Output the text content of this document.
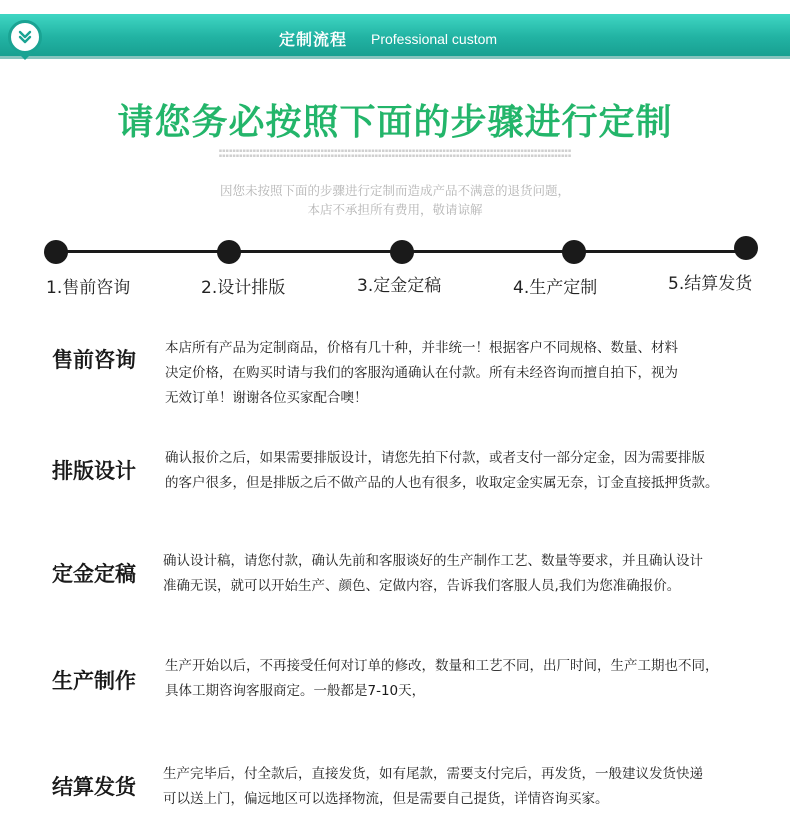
定制流程 Professional custom
请您务必按照下面的步骤进行定制
▪▪▪▪▪▪▪▪▪▪▪▪▪▪▪▪▪▪▪▪▪▪▪▪▪▪▪▪▪▪▪▪▪▪▪▪▪▪▪▪▪▪▪▪▪▪▪▪▪▪▪▪▪▪▪▪▪▪▪▪▪▪▪▪▪▪▪▪▪▪▪▪▪▪▪▪▪▪▪▪▪▪▪▪▪▪▪▪▪▪▪▪▪▪▪▪▪▪▪▪▪▪▪▪
▪▪▪▪▪▪▪▪▪▪▪▪▪▪▪▪▪▪▪▪▪▪▪▪▪▪▪▪▪▪▪▪▪▪▪▪▪▪▪▪▪▪▪▪▪▪▪▪▪▪▪▪▪▪▪▪▪▪▪▪▪▪▪▪▪▪▪▪▪▪▪▪▪▪▪▪▪▪▪▪▪▪▪▪▪▪▪▪▪▪▪▪▪▪▪▪▪▪▪▪▪▪▪▪
因您未按照下面的步骤进行定制而造成产品不满意的退货问题，
本店不承担所有费用，敬请谅解
1.售前咨询	2.设计排版	3.定金定稿	4.生产定制	5.结算发货
售前咨询 本店所有产品为定制商品，价格有几十种，并非统一！根据客户不同规格、数量、材料
决定价格，在购买时请与我们的客服沟通确认在付款。所有未经咨询而擅自拍下，视为
无效订单！谢谢各位买家配合噢！
排版设计
确认报价之后，如果需要排版设计，请您先拍下付款，或者支付一部分定金，因为需要排版
的客户很多，但是排版之后不做产品的人也有很多，收取定金实属无奈，订金直接抵押货款。
定金定稿
确认设计稿，请您付款，确认先前和客服谈好的生产制作工艺、数量等要求，并且确认设计
准确无误，就可以开始生产、颜色、定做内容，告诉我们客服人员,我们为您准确报价。
生产制作
生产开始以后，不再接受任何对订单的修改，数量和工艺不同，出厂时间，生产工期也不同，
具体工期咨询客服商定。一般都是7-10天，
结算发货
生产完毕后，付全款后，直接发货，如有尾款，需要支付完后，再发货，一般建议发货快递
可以送上门，偏远地区可以选择物流，但是需要自己提货，详情咨询买家。
